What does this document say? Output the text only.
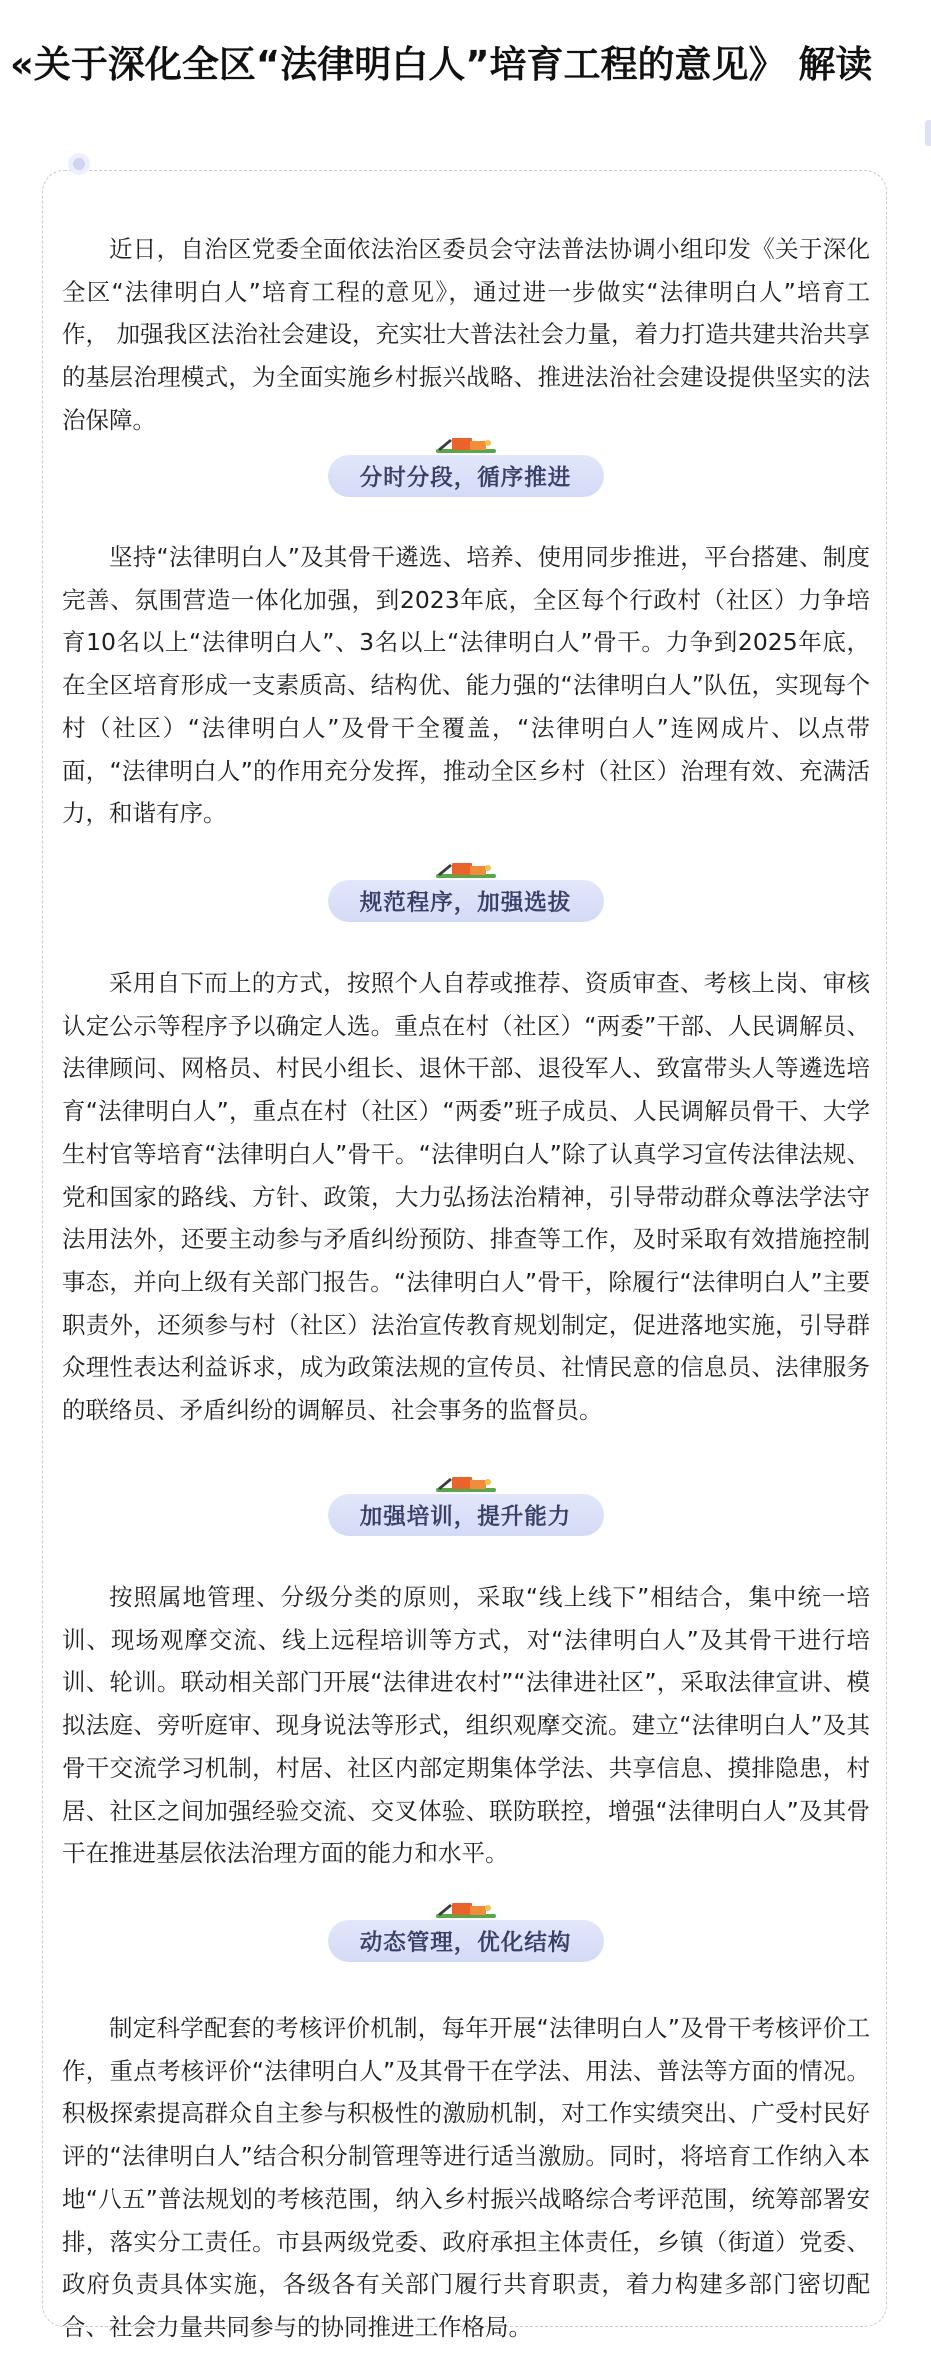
«关于深化全区“法律明白人”培育工程的意见》 解读

近日，自治区党委全面依法治区委员会守法普法协调小组印发《关于深化全区“法律明白人”培育工程的意见》，通过进一步做实“法律明白人”培育工作， 加强我区法治社会建设，充实壮大普法社会力量，着力打造共建共治共享的基层治理模式，为全面实施乡村振兴战略、推进法治社会建设提供坚实的法治保障。

分时分段，循序推进

坚持“法律明白人”及其骨干遴选、培养、使用同步推进，平台搭建、制度完善、氛围营造一体化加强，到2023年底，全区每个行政村（社区）力争培育10名以上“法律明白人”、3名以上“法律明白人”骨干。力争到2025年底，在全区培育形成一支素质高、结构优、能力强的“法律明白人”队伍，实现每个村（社区）“法律明白人”及骨干全覆盖，“法律明白人”连网成片、以点带面，“法律明白人”的作用充分发挥，推动全区乡村（社区）治理有效、充满活力，和谐有序。

规范程序，加强选拔

采用自下而上的方式，按照个人自荐或推荐、资质审查、考核上岗、审核认定公示等程序予以确定人选。重点在村（社区）“两委”干部、人民调解员、法律顾问、网格员、村民小组长、退休干部、退役军人、致富带头人等遴选培育“法律明白人”，重点在村（社区）“两委”班子成员、人民调解员骨干、大学生村官等培育“法律明白人”骨干。“法律明白人”除了认真学习宣传法律法规、党和国家的路线、方针、政策，大力弘扬法治精神，引导带动群众尊法学法守法用法外，还要主动参与矛盾纠纷预防、排查等工作，及时采取有效措施控制事态，并向上级有关部门报告。“法律明白人”骨干，除履行“法律明白人”主要职责外，还须参与村（社区）法治宣传教育规划制定，促进落地实施，引导群众理性表达利益诉求，成为政策法规的宣传员、社情民意的信息员、法律服务的联络员、矛盾纠纷的调解员、社会事务的监督员。

加强培训，提升能力

按照属地管理、分级分类的原则，采取“线上线下”相结合，集中统一培训、现场观摩交流、线上远程培训等方式，对“法律明白人”及其骨干进行培训、轮训。联动相关部门开展“法律进农村”“法律进社区”，采取法律宣讲、模拟法庭、旁听庭审、现身说法等形式，组织观摩交流。建立“法律明白人”及其骨干交流学习机制，村居、社区内部定期集体学法、共享信息、摸排隐患，村居、社区之间加强经验交流、交叉体验、联防联控，增强“法律明白人”及其骨干在推进基层依法治理方面的能力和水平。

动态管理，优化结构

制定科学配套的考核评价机制，每年开展“法律明白人”及骨干考核评价工作，重点考核评价“法律明白人”及其骨干在学法、用法、普法等方面的情况。积极探索提高群众自主参与积极性的激励机制，对工作实绩突出、广受村民好评的“法律明白人”结合积分制管理等进行适当激励。同时，将培育工作纳入本地“八五”普法规划的考核范围，纳入乡村振兴战略综合考评范围，统筹部署安排，落实分工责任。市县两级党委、政府承担主体责任，乡镇（街道）党委、政府负责具体实施，各级各有关部门履行共育职责，着力构建多部门密切配合、社会力量共同参与的协同推进工作格局。
